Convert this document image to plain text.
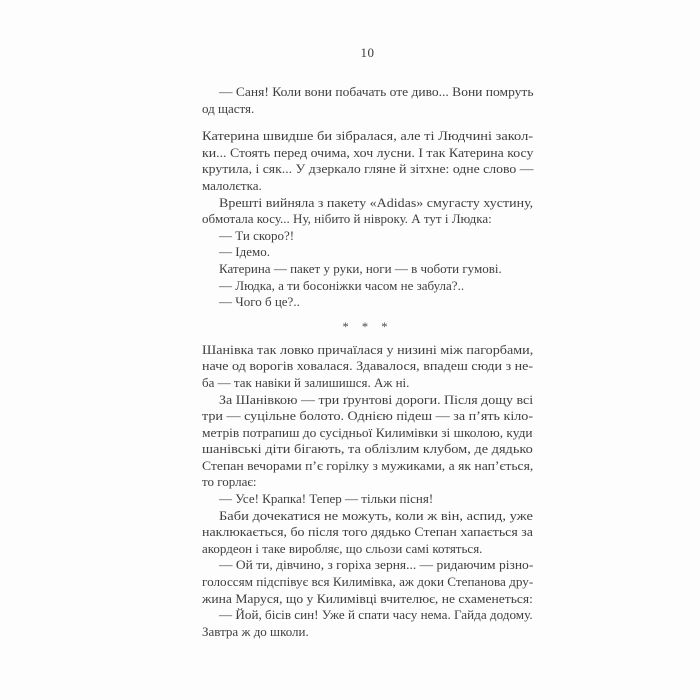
10
— Саня! Коли вони побачать оте диво... Вони помруть
од щастя.
Катерина швидше би зібралася, але ті Людчині закол-
ки... Стоять перед очима, хоч лусни. І так Катерина косу
крутила, і сяк... У дзеркало гляне й зітхне: одне слово —
малолєтка.
Врешті вийняла з пакету «Adidas» смугасту хустину,
обмотала косу... Ну, нібито й нівроку. А тут і Людка:
— Ти скоро?!
— Ідемо.
Катерина — пакет у руки, ноги — в чоботи гумові.
— Людка, а ти босоніжки часом не забула?..
— Чого б це?..
* * *
Шанівка так ловко причаїлася у низині між пагорбами,
наче од ворогів ховалася. Здавалося, впадеш сюди з не-
ба — так навіки й залишишся. Аж ні.
За Шанівкою — три ґрунтові дороги. Після дощу всі
три — суцільне болото. Однією підеш — за п’ять кіло-
метрів потрапиш до сусідньої Килимівки зі школою, куди
шанівські діти бігають, та облізлим клубом, де дядько
Степан вечорами п’є горілку з мужиками, а як нап’ється,
то горлає:
— Усе! Крапка! Тепер — тільки пісня!
Баби дочекатися не можуть, коли ж він, аспид, уже
наклюкається, бо після того дядько Степан хапається за
акордеон і таке виробляє, що сльози самі котяться.
— Ой ти, дівчино, з горіха зерня... — ридаючим різно-
голоссям підспівує вся Килимівка, аж доки Степанова дру-
жина Маруся, що у Килимівці вчителює, не схаменеться:
— Йой, бісів син! Уже й спати часу нема. Гайда додому.
Завтра ж до школи.
